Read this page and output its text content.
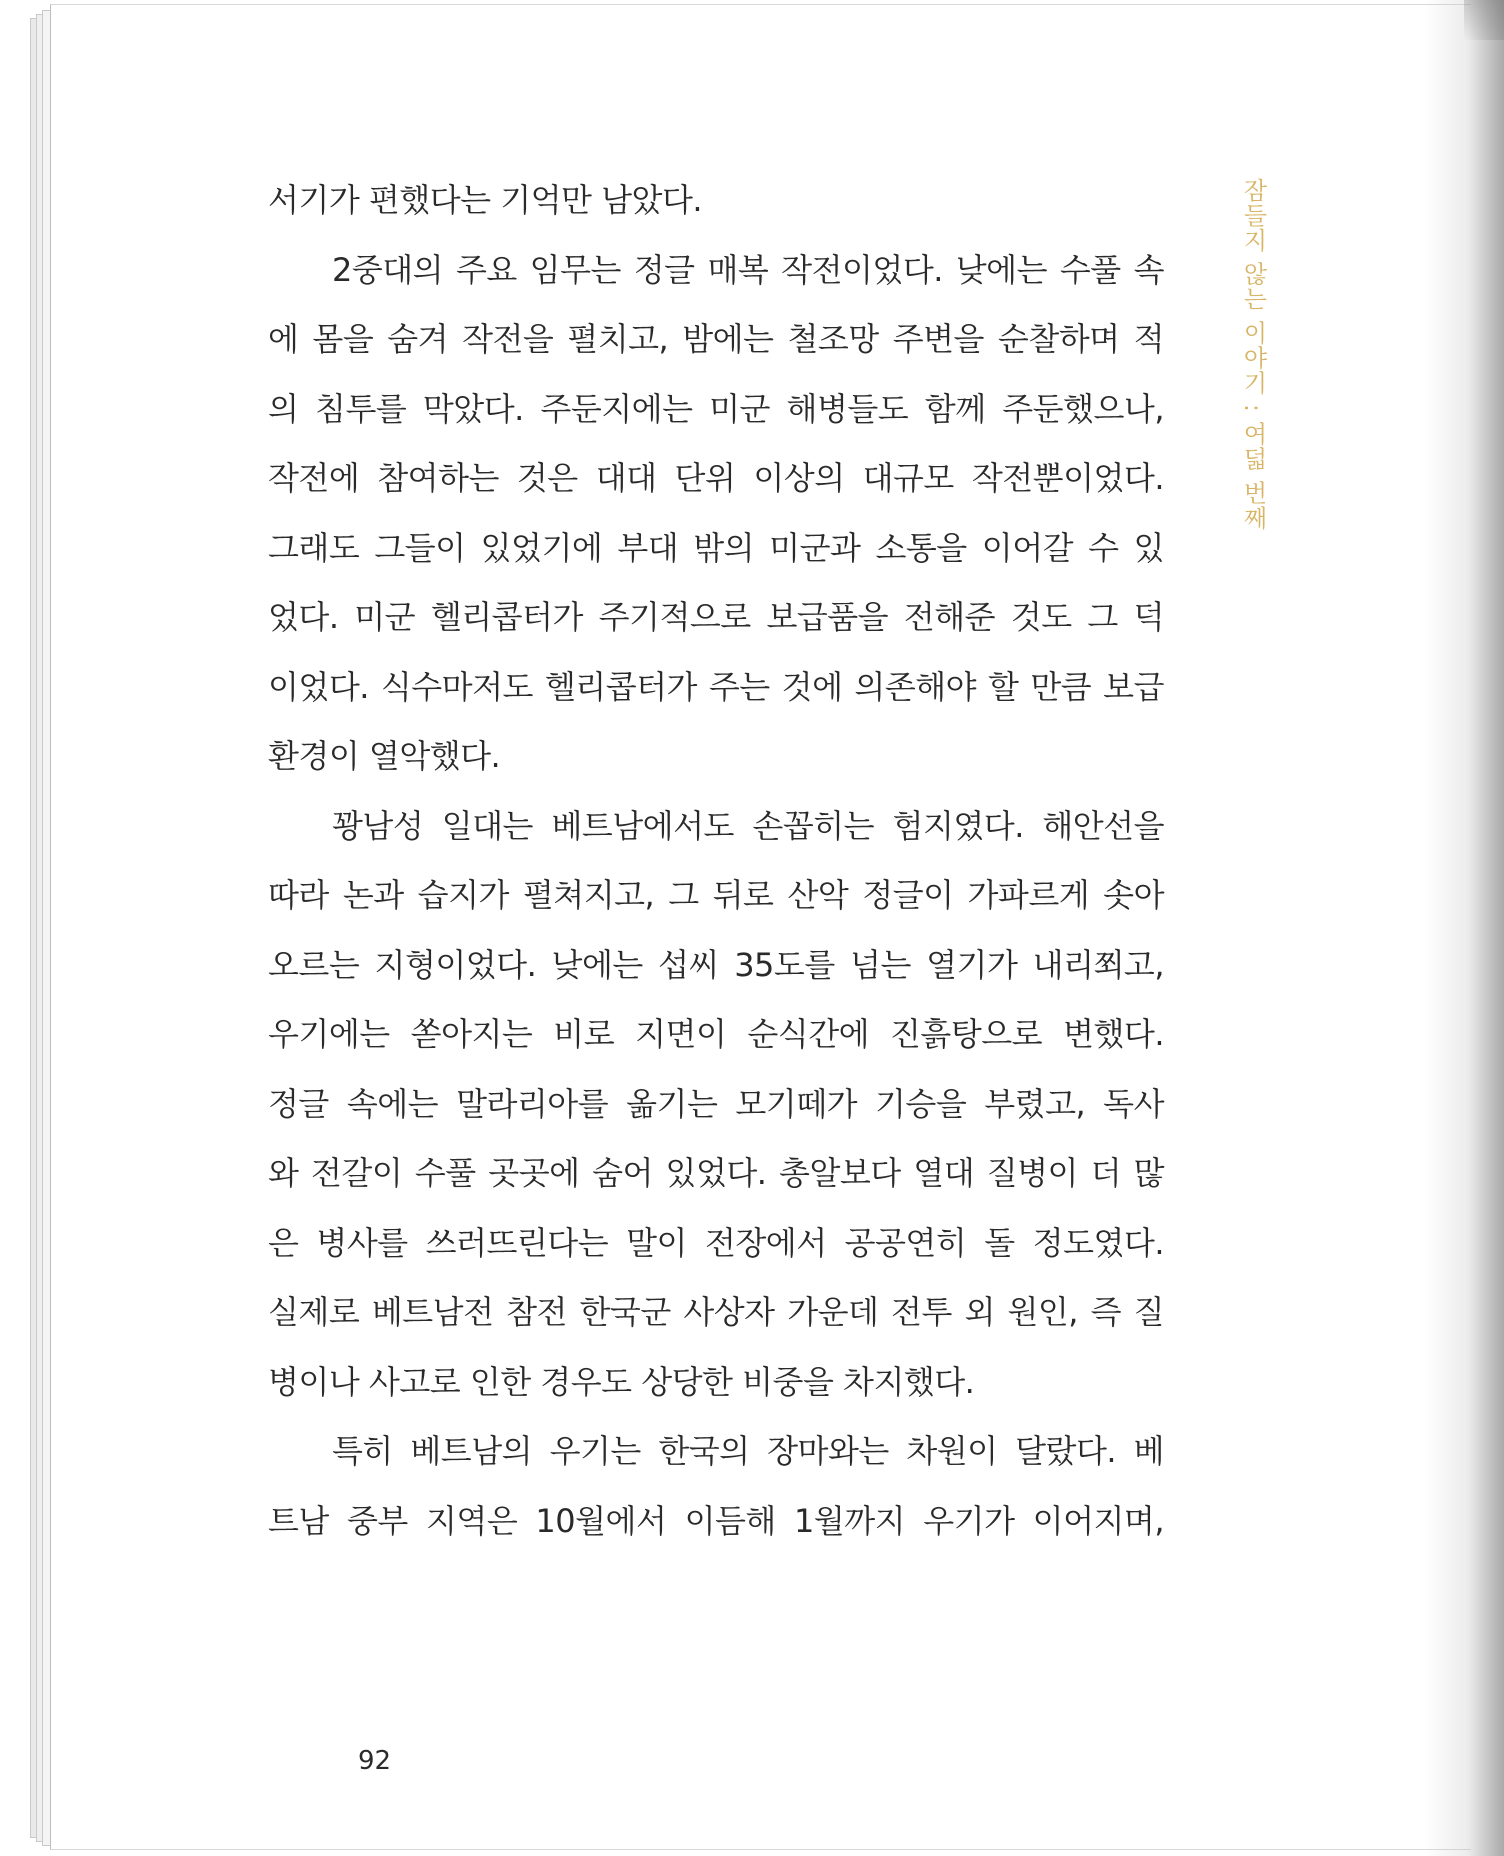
서기가 편했다는 기억만 남았다.
2중대의 주요 임무는 정글 매복 작전이었다. 낮에는 수풀 속
에 몸을 숨겨 작전을 펼치고, 밤에는 철조망 주변을 순찰하며 적
의 침투를 막았다. 주둔지에는 미군 해병들도 함께 주둔했으나,
작전에 참여하는 것은 대대 단위 이상의 대규모 작전뿐이었다.
그래도 그들이 있었기에 부대 밖의 미군과 소통을 이어갈 수 있
었다. 미군 헬리콥터가 주기적으로 보급품을 전해준 것도 그 덕
이었다. 식수마저도 헬리콥터가 주는 것에 의존해야 할 만큼 보급
환경이 열악했다.
꽝남성 일대는 베트남에서도 손꼽히는 험지였다. 해안선을
따라 논과 습지가 펼쳐지고, 그 뒤로 산악 정글이 가파르게 솟아
오르는 지형이었다. 낮에는 섭씨 35도를 넘는 열기가 내리쬐고,
우기에는 쏟아지는 비로 지면이 순식간에 진흙탕으로 변했다.
정글 속에는 말라리아를 옮기는 모기떼가 기승을 부렸고, 독사
와 전갈이 수풀 곳곳에 숨어 있었다. 총알보다 열대 질병이 더 많
은 병사를 쓰러뜨린다는 말이 전장에서 공공연히 돌 정도였다.
실제로 베트남전 참전 한국군 사상자 가운데 전투 외 원인, 즉 질
병이나 사고로 인한 경우도 상당한 비중을 차지했다.
특히 베트남의 우기는 한국의 장마와는 차원이 달랐다. 베
트남 중부 지역은 10월에서 이듬해 1월까지 우기가 이어지며,
잠들지 않는 이야기 : 여덟 번째
92
